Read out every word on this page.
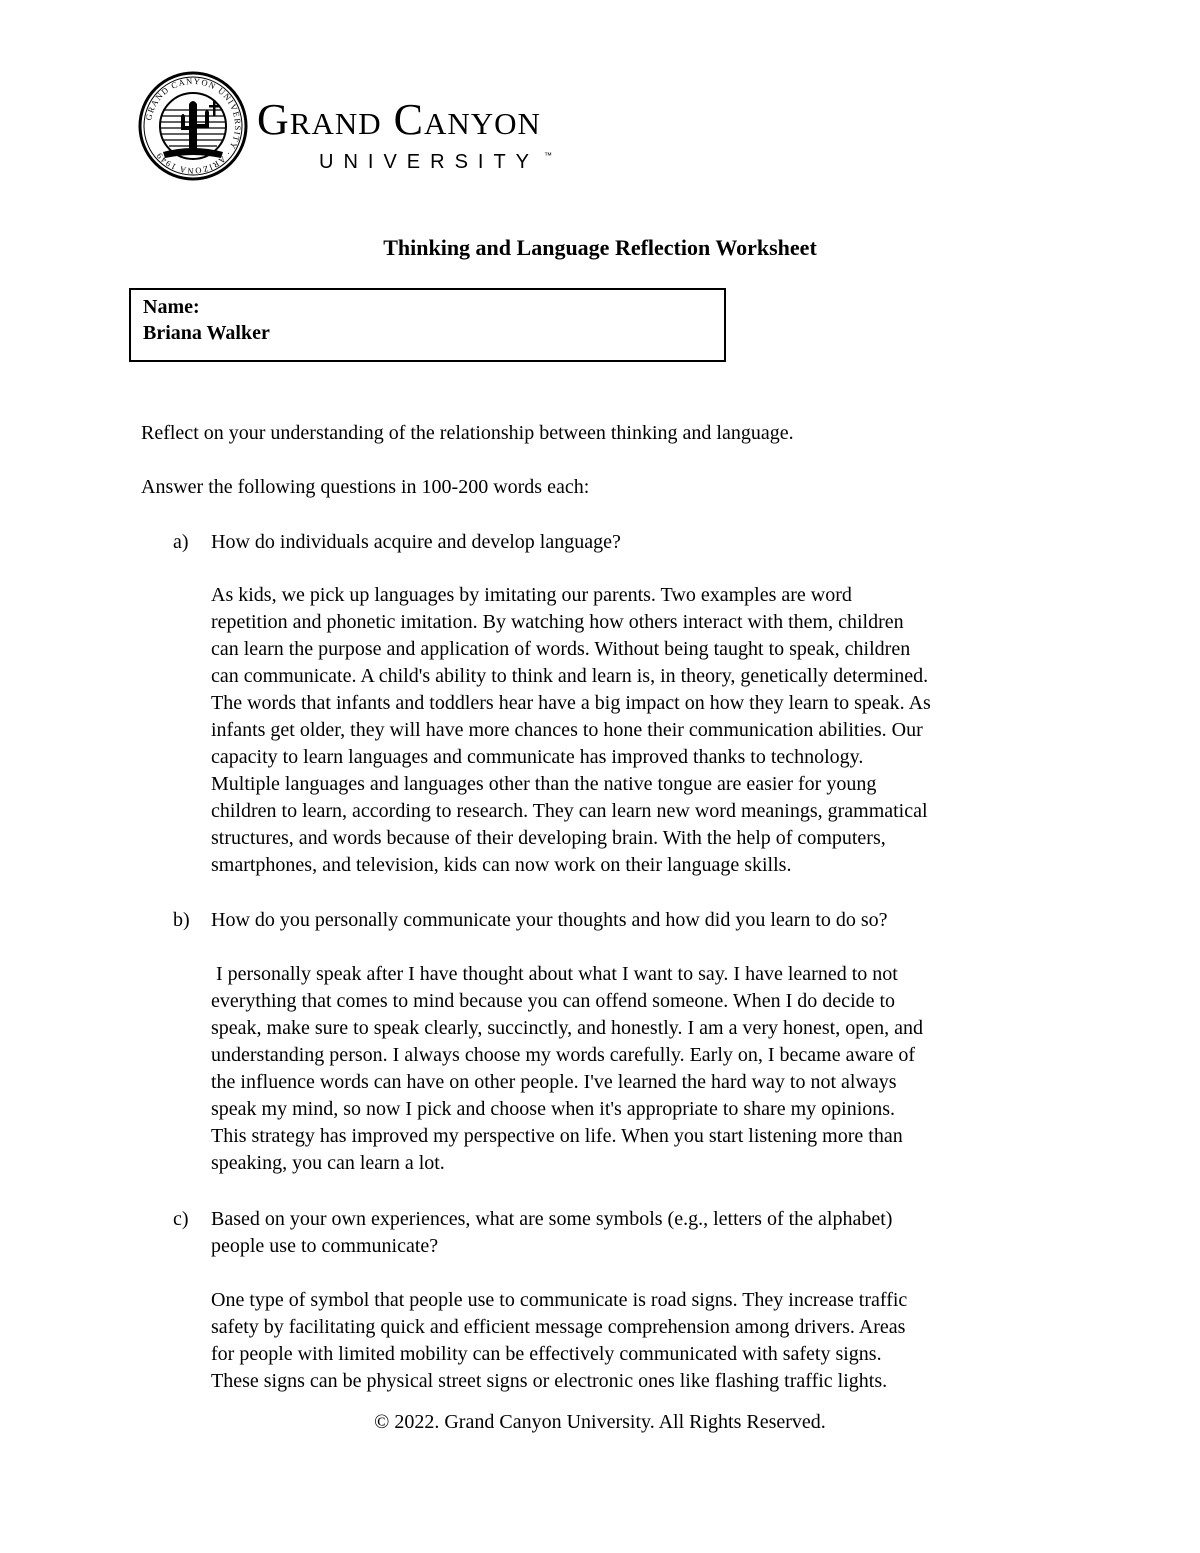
GRAND CANYON UNIVERSITY · ARIZONA 1949
Grand Canyon
UNIVERSITY ™
Thinking and Language Reflection Worksheet
Name:
Briana Walker

Reflect on your understanding of the relationship between thinking and language.

Answer the following questions in 100-200 words each:

a) How do individuals acquire and develop language?

As kids, we pick up languages by imitating our parents. Two examples are word
repetition and phonetic imitation. By watching how others interact with them, children
can learn the purpose and application of words. Without being taught to speak, children
can communicate. A child's ability to think and learn is, in theory, genetically determined.
The words that infants and toddlers hear have a big impact on how they learn to speak. As
infants get older, they will have more chances to hone their communication abilities. Our
capacity to learn languages and communicate has improved thanks to technology.
Multiple languages and languages other than the native tongue are easier for young
children to learn, according to research. They can learn new word meanings, grammatical
structures, and words because of their developing brain. With the help of computers,
smartphones, and television, kids can now work on their language skills.
b) How do you personally communicate your thoughts and how did you learn to do so?

I personally speak after I have thought about what I want to say. I have learned to not
everything that comes to mind because you can offend someone. When I do decide to
speak, make sure to speak clearly, succinctly, and honestly. I am a very honest, open, and
understanding person. I always choose my words carefully. Early on, I became aware of
the influence words can have on other people. I've learned the hard way to not always
speak my mind, so now I pick and choose when it's appropriate to share my opinions.
This strategy has improved my perspective on life. When you start listening more than
speaking, you can learn a lot.
c) Based on your own experiences, what are some symbols (e.g., letters of the alphabet)
people use to communicate?
One type of symbol that people use to communicate is road signs. They increase traffic
safety by facilitating quick and efficient message comprehension among drivers. Areas
for people with limited mobility can be effectively communicated with safety signs.
These signs can be physical street signs or electronic ones like flashing traffic lights.
© 2022. Grand Canyon University. All Rights Reserved.
